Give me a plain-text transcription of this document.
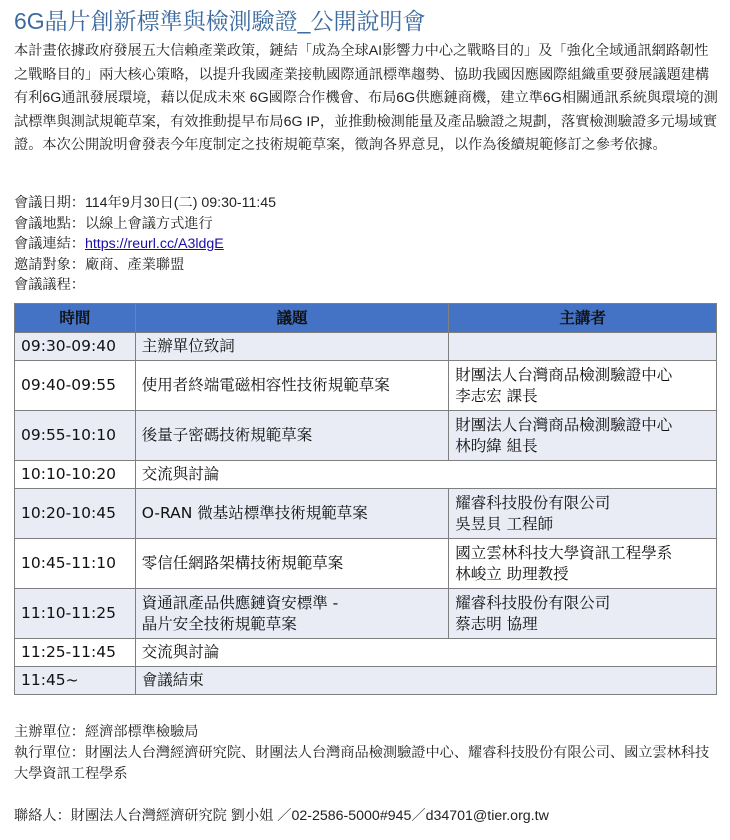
6G晶片創新標準與檢測驗證_公開說明會

本計畫依據政府發展五大信賴產業政策，鏈結「成為全球AI影響力中心之戰略目的」及「強化全域通訊網路韌性之戰略目的」兩大核心策略，以提升我國產業接軌國際通訊標準趨勢、協助我國因應國際組織重要發展議題建構有利6G通訊發展環境，藉以促成未來 6G國際合作機會、布局6G供應鏈商機，建立準6G相關通訊系統與環境的測試標準與測試規範草案，有效推動提早布局6G IP，並推動檢測能量及產品驗證之規劃，落實檢測驗證多元場域實證。本次公開說明會發表今年度制定之技術規範草案，徵詢各界意見，以作為後續規範修訂之參考依據。

會議日期：114年9月30日(二) 09:30-11:45
會議地點：以線上會議方式進行
會議連結：https://reurl.cc/A3ldgE
邀請對象：廠商、產業聯盟
會議議程：
時間	議題	主講者
09:30-09:40	主辦單位致詞	
09:40-09:55	使用者終端電磁相容性技術規範草案	財團法人台灣商品檢測驗證中心
李志宏 課長

09:55-10:10	後量子密碼技術規範草案	財團法人台灣商品檢測驗證中心
林昀緯 組長

10:10-10:20	交流與討論	
10:20-10:45	O-RAN 微基站標準技術規範草案	耀睿科技股份有限公司
吳昱貝 工程師

10:45-11:10	零信任網路架構技術規範草案	國立雲林科技大學資訊工程學系
林峻立 助理教授

11:10-11:25	資通訊產品供應鏈資安標準 -
晶片安全技術規範草案	耀睿科技股份有限公司
蔡志明 協理

11:25-11:45	交流與討論	
11:45~	會議結束	
主辦單位：經濟部標準檢驗局
執行單位：財團法人台灣經濟研究院、財團法人台灣商品檢測驗證中心、耀睿科技股份有限公司、國立雲林科技大學資訊工程學系
聯絡人：財團法人台灣經濟研究院 劉小姐 ／02-2586-5000#945／d34701@tier.org.tw
